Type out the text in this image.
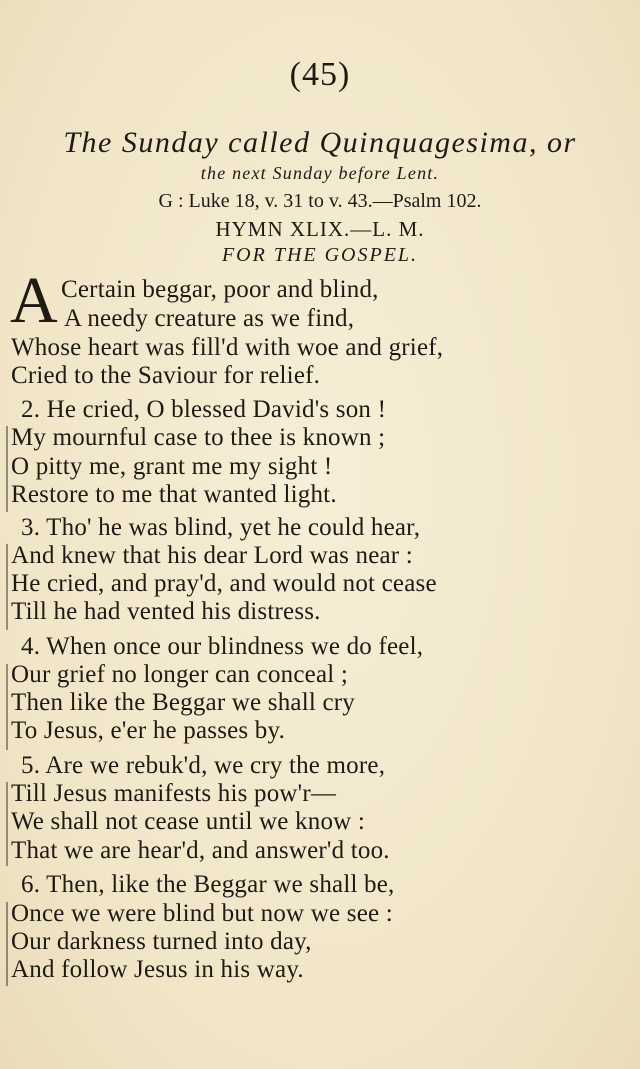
(45)
The Sunday called Quinquagesima, or
the next Sunday before Lent.
G : Luke 18, v. 31 to v. 43.—Psalm 102.
HYMN XLIX.—L. M.
FOR THE GOSPEL.
A Certain beggar, poor and blind,
A needy creature as we find,
Whose heart was fill'd with woe and grief,
Cried to the Saviour for relief.
2. He cried, O blessed David's son !
My mournful case to thee is known ;
O pitty me, grant me my sight !
Restore to me that wanted light.
3. Tho' he was blind, yet he could hear,
And knew that his dear Lord was near :
He cried, and pray'd, and would not cease
Till he had vented his distress.
4. When once our blindness we do feel,
Our grief no longer can conceal ;
Then like the Beggar we shall cry
To Jesus, e'er he passes by.
5. Are we rebuk'd, we cry the more,
Till Jesus manifests his pow'r—
We shall not cease until we know :
That we are hear'd, and answer'd too.
6. Then, like the Beggar we shall be,
Once we were blind but now we see :
Our darkness turned into day,
And follow Jesus in his way.
